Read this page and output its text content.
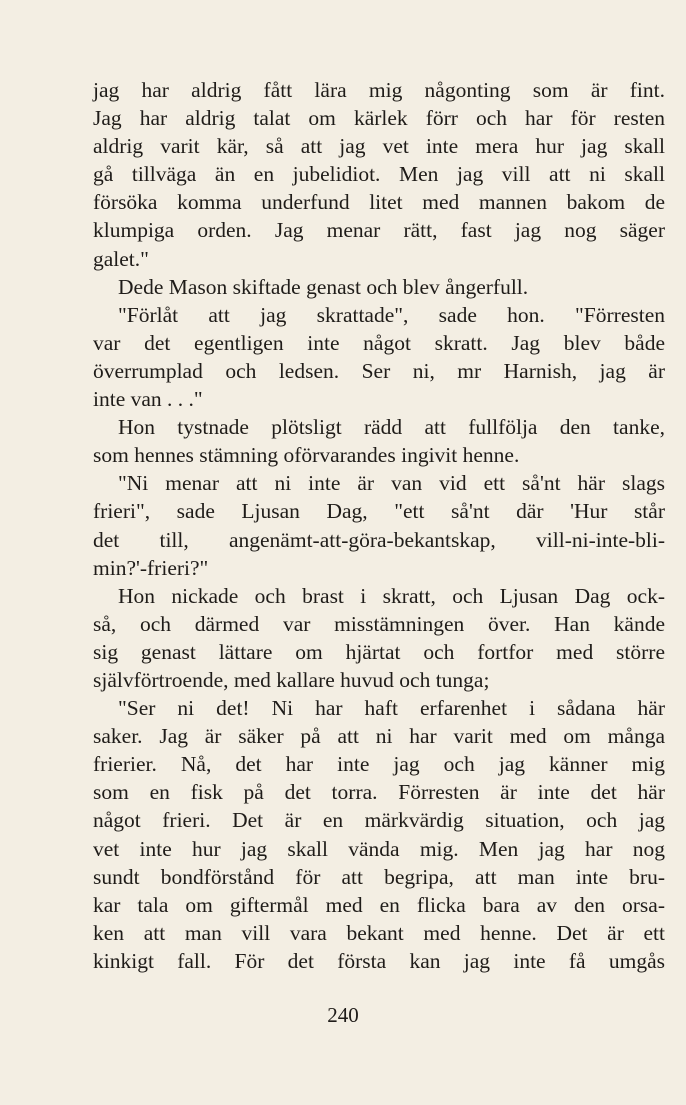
jag har aldrig fått lära mig någonting som är fint.
Jag har aldrig talat om kärlek förr och har för resten
aldrig varit kär, så att jag vet inte mera hur jag skall
gå tillväga än en jubelidiot. Men jag vill att ni skall
försöka komma underfund litet med mannen bakom de
klumpiga orden. Jag menar rätt, fast jag nog säger
galet."
Dede Mason skiftade genast och blev ångerfull.
"Förlåt att jag skrattade", sade hon. "Förresten
var det egentligen inte något skratt. Jag blev både
överrumplad och ledsen. Ser ni, mr Harnish, jag är
inte van . . ."
Hon tystnade plötsligt rädd att fullfölja den tanke,
som hennes stämning oförvarandes ingivit henne.
"Ni menar att ni inte är van vid ett så'nt här slags
frieri", sade Ljusan Dag, "ett så'nt där 'Hur står
det till, angenämt-att-göra-bekantskap, vill-ni-inte-bli-
min?'-frieri?"
Hon nickade och brast i skratt, och Ljusan Dag ock-
så, och därmed var misstämningen över. Han kände
sig genast lättare om hjärtat och fortfor med större
självförtroende, med kallare huvud och tunga;
"Ser ni det! Ni har haft erfarenhet i sådana här
saker. Jag är säker på att ni har varit med om många
frierier. Nå, det har inte jag och jag känner mig
som en fisk på det torra. Förresten är inte det här
något frieri. Det är en märkvärdig situation, och jag
vet inte hur jag skall vända mig. Men jag har nog
sundt bondförstånd för att begripa, att man inte bru-
kar tala om giftermål med en flicka bara av den orsa-
ken att man vill vara bekant med henne. Det är ett
kinkigt fall. För det första kan jag inte få umgås
240
